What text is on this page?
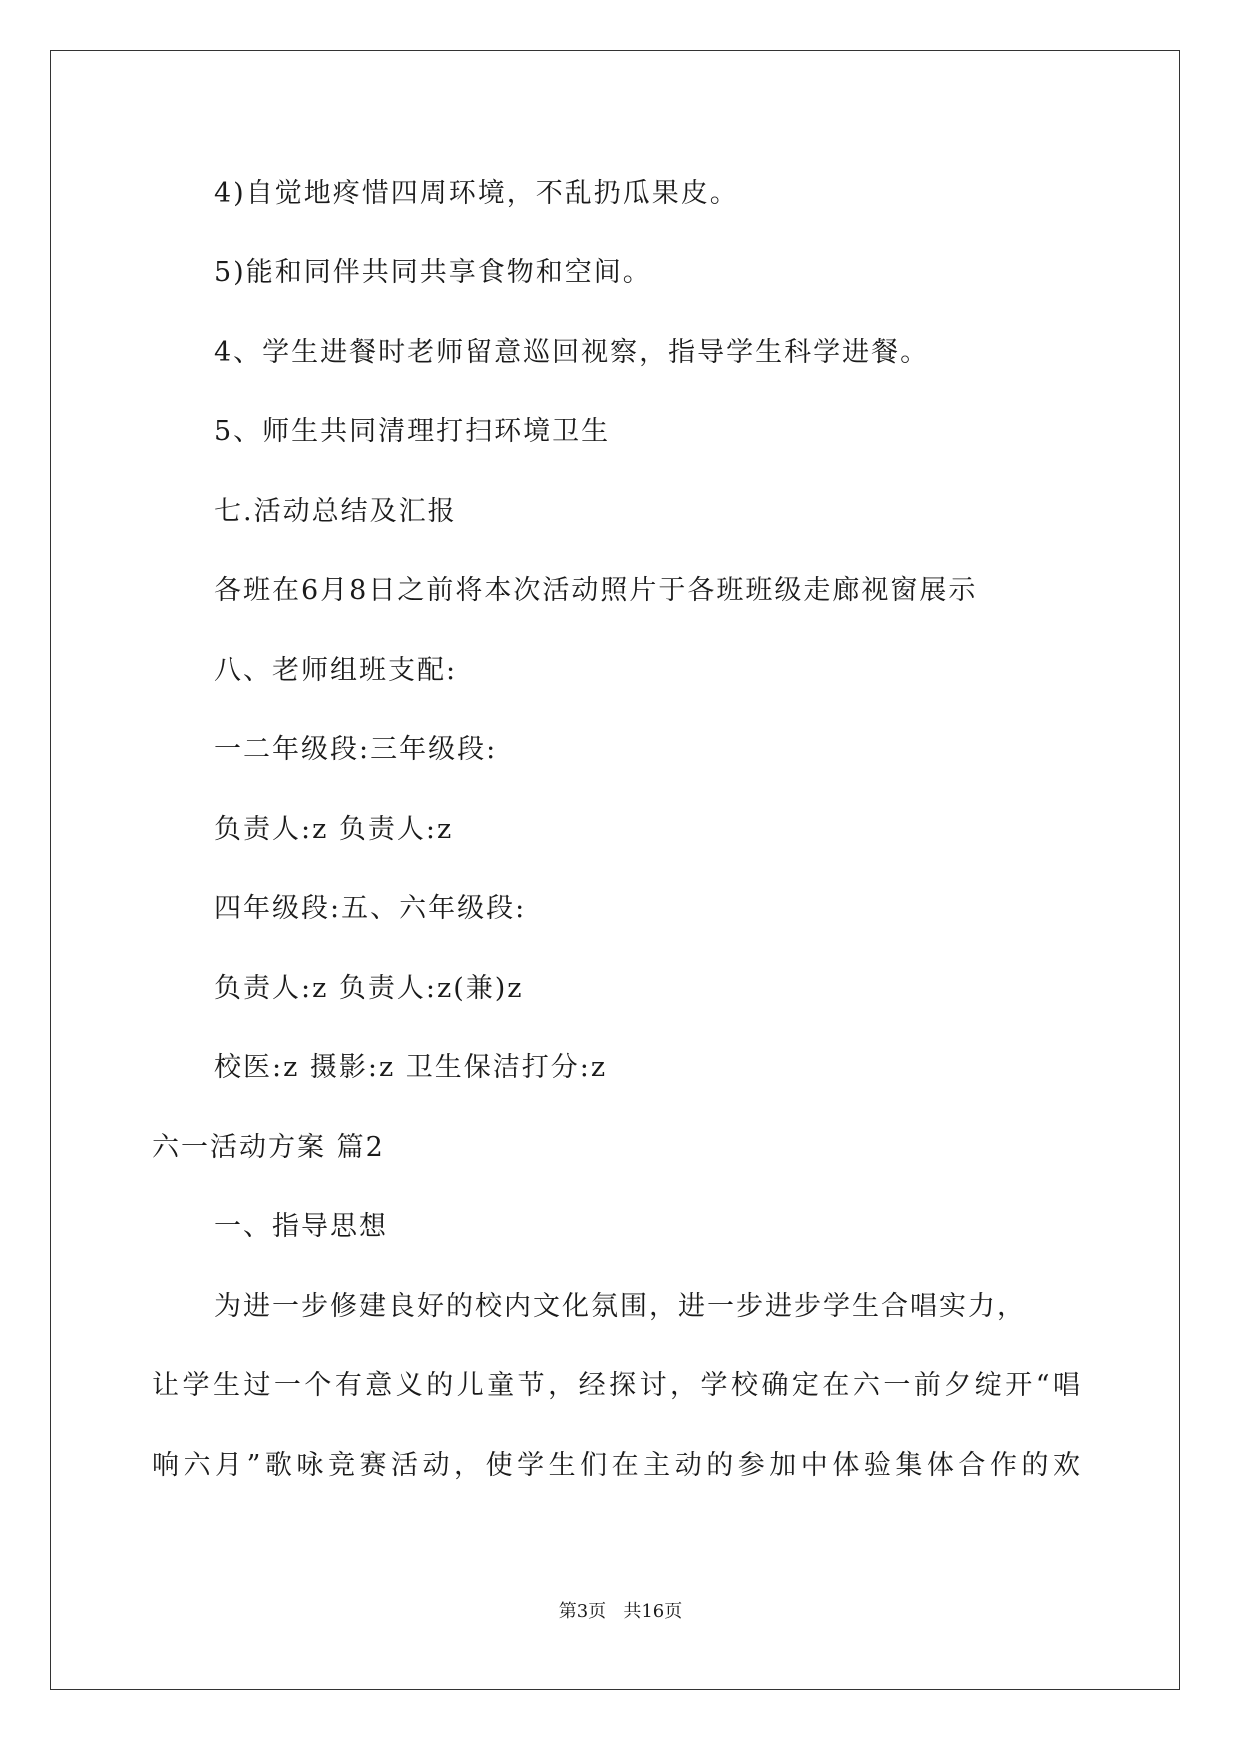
4)自觉地疼惜四周环境，不乱扔瓜果皮。

5)能和同伴共同共享食物和空间。

4、学生进餐时老师留意巡回视察，指导学生科学进餐。

5、师生共同清理打扫环境卫生

七.活动总结及汇报

各班在6月8日之前将本次活动照片于各班班级走廊视窗展示

八、老师组班支配:

一二年级段:三年级段:

负责人:z 负责人:z

四年级段:五、六年级段:

负责人:z 负责人:z(兼)z

校医:z 摄影:z 卫生保洁打分:z

六一活动方案 篇2

一、指导思想

为进一步修建良好的校内文化氛围，进一步进步学生合唱实力，

让学生过一个有意义的儿童节，经探讨，学校确定在六一前夕绽开“唱

响六月”歌咏竞赛活动，使学生们在主动的参加中体验集体合作的欢

第3页   共16页
